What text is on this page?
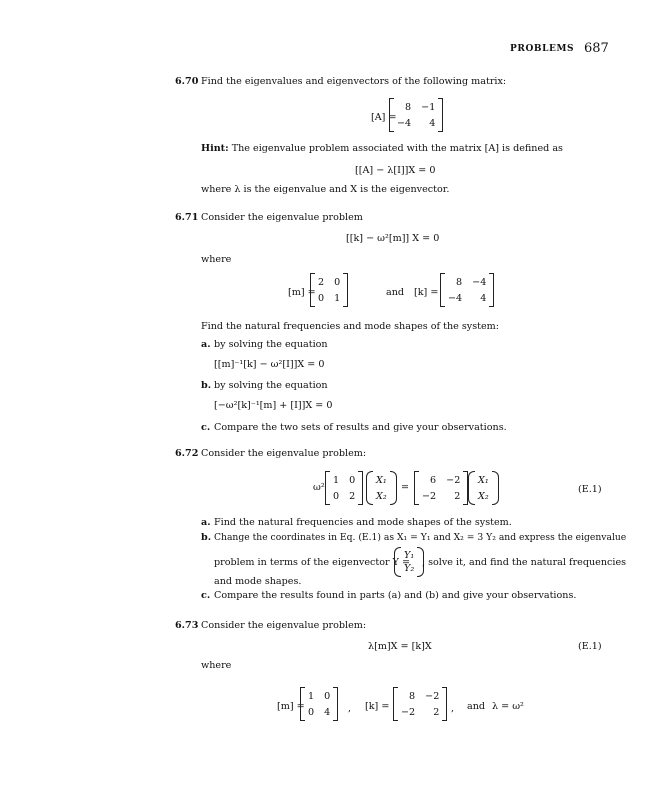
PROBLEMS 687
6.70 Find the eigenvalues and eigenvectors of the following matrix:
[A] =
8 −1
−4	4
Hint: The eigenvalue problem associated with the matrix [A] is defined as
[[A] − λ[I]]X = 0
where λ is the eigenvalue and X is the eigenvector.
6.71 Consider the eigenvalue problem
[[k] − ω²[m]] X = 0
where
[m] =
2 0
0 1	and [k] =
8 −4
−4	4
Find the natural frequencies and mode shapes of the system:
a. by solving the equation
[[m]⁻¹[k] − ω²[I]]X = 0
b. by solving the equation
[−ω²[k]⁻¹[m] + [I]]X = 0
c. Compare the two sets of results and give your observations.
6.72 Consider the eigenvalue problem:
ω²
1 0
0 2
X₁
X₂
=
6 −2
−2	2
X₁
X₂
(E.1)
a. Find the natural frequencies and mode shapes of the system.
b. Change the coordinates in Eq. (E.1) as X₁ = Y₁ and X₂ = 3 Y₂ and express the eigenvalue
problem in terms of the eigenvector Y =
Y₁
Y₂
, solve it, and find the natural frequencies
and mode shapes.
c. Compare the results found in parts (a) and (b) and give your observations.
6.73 Consider the eigenvalue problem:
λ[m]X = [k]X	(E.1)
where
[m] =
1 0
0 4 , [k] =
8 −2
−2	2 , and λ = ω²
